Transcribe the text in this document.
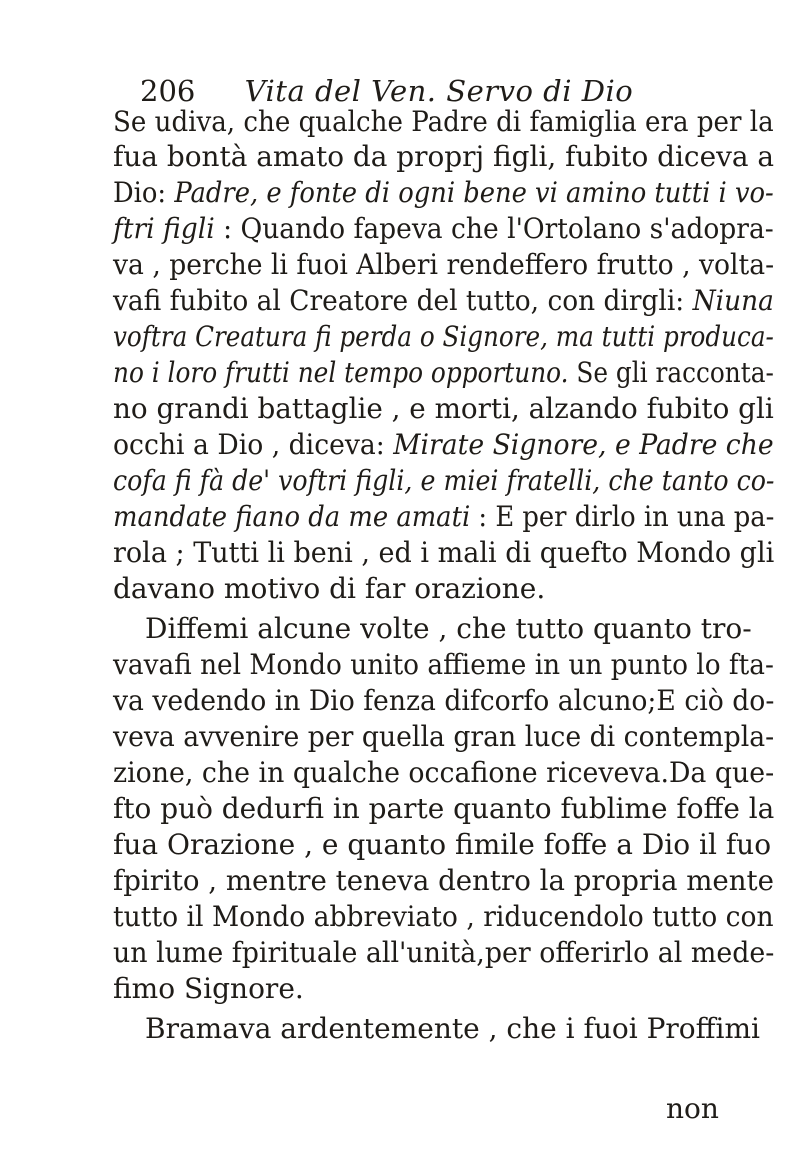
206 Vita del Ven. Servo di Dio
Se udiva, che qualche Padre di famiglia era per la
fua bontà amato da proprj figli, fubito diceva a
Dio: Padre, e fonte di ogni bene vi amino tutti i vo-
ftri figli : Quando fapeva che l'Ortolano s'adopra-
va , perche li fuoi Alberi rendeffero frutto , volta-
vafi fubito al Creatore del tutto, con dirgli: Niuna
voftra Creatura fi perda o Signore, ma tutti produca-
no i loro frutti nel tempo opportuno. Se gli racconta-
no grandi battaglie , e morti, alzando fubito gli
occhi a Dio , diceva: Mirate Signore, e Padre che
cofa fi fà de' voftri figli, e miei fratelli, che tanto co-
mandate fiano da me amati : E per dirlo in una pa-
rola ; Tutti li beni , ed i mali di quefto Mondo gli
davano motivo di far orazione.
Diffemi alcune volte , che tutto quanto tro-
vavafi nel Mondo unito affieme in un punto lo fta-
va vedendo in Dio fenza difcorfo alcuno;E ciò do-
veva avvenire per quella gran luce di contempla-
zione, che in qualche occafione riceveva.Da que-
fto può dedurfi in parte quanto fublime foffe la
fua Orazione , e quanto fimile foffe a Dio il fuo
fpirito , mentre teneva dentro la propria mente
tutto il Mondo abbreviato , riducendolo tutto con
un lume fpirituale all'unità,per offerirlo al mede-
fimo Signore.
Bramava ardentemente , che i fuoi Proffimi
non
